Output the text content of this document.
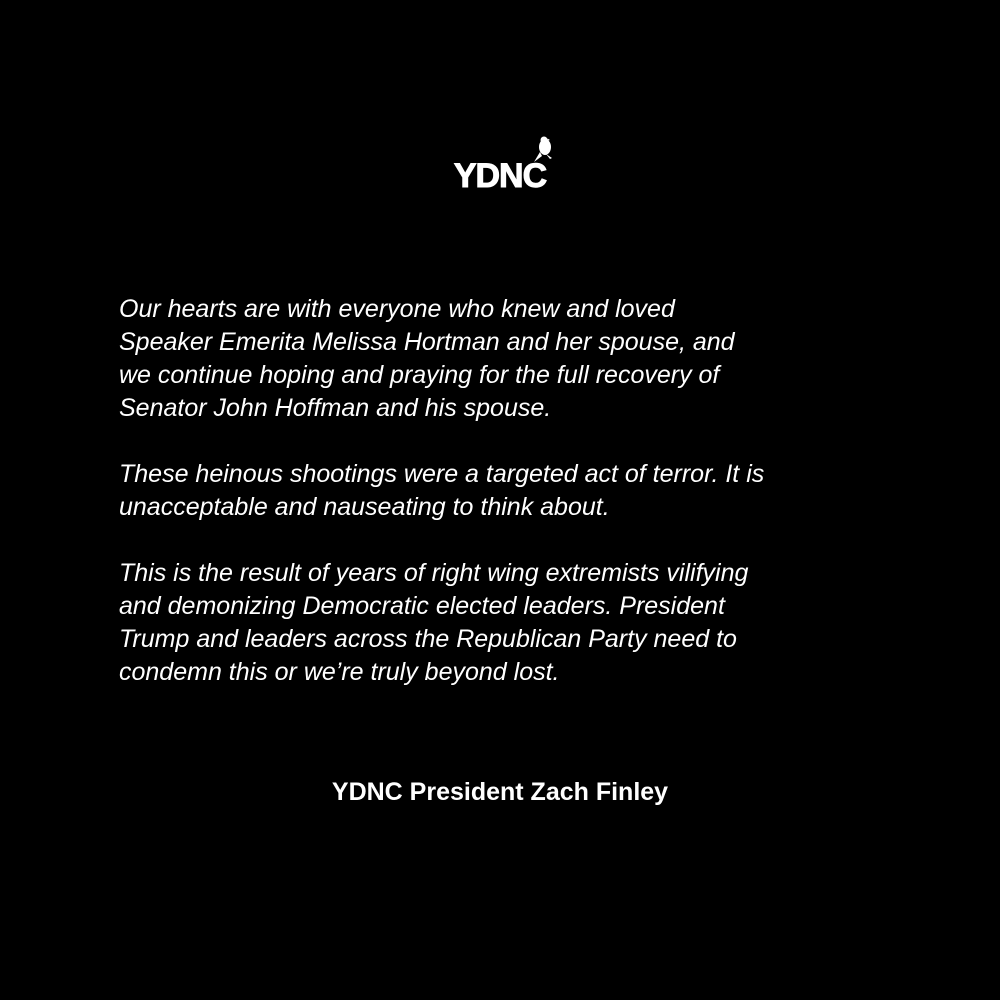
YDNC

Our hearts are with everyone who knew and loved
Speaker Emerita Melissa Hortman and her spouse, and
we continue hoping and praying for the full recovery of
Senator John Hoffman and his spouse.

These heinous shootings were a targeted act of terror. It is
unacceptable and nauseating to think about.

This is the result of years of right wing extremists vilifying
and demonizing Democratic elected leaders. President
Trump and leaders across the Republican Party need to
condemn this or we’re truly beyond lost.

YDNC President Zach Finley
